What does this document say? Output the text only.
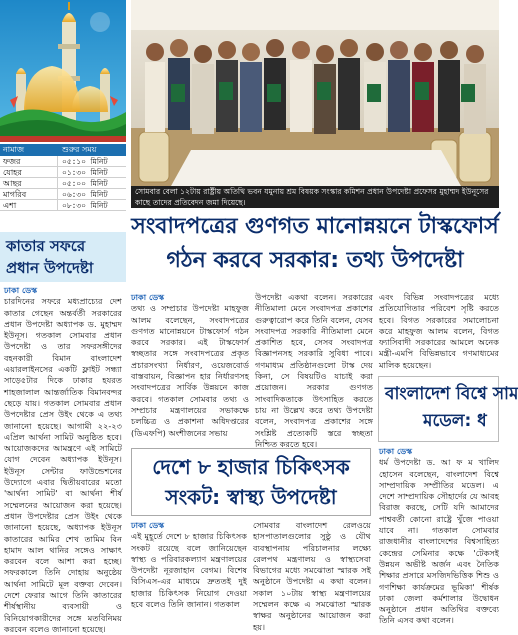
নামাজ	শুরুর সময়
ফজর	০৫:১০ মিনিট
যোহর	০১:৩০ মিনিট
আছর	০৫:০০ মিনিট
মাগরিব	০৬:৩০ মিনিট
এশা	০৮:৩০ মিনিট
কাতার সফরে প্রধান উপদেষ্টা
ঢাকা ডেস্ক
চারদিনের সফরে মধ্যপ্রাচ্যের দেশ কাতার গেছেন অন্তর্বর্তী সরকারের প্রধান উপদেষ্টা অধ্যাপক ড. মুহাম্মদ ইউনূস। গতকাল সোমবার প্রধান উপদেষ্টা ও তার সফরসঙ্গীদের বহনকারী বিমান বাংলাদেশ এয়ারলাইনসের একটি ফ্লাইট সন্ধ্যা সাড়ে৫টার দিকে ঢাকার হযরত শাহজালাল আন্তর্জাতিক বিমানবন্দর ছেড়ে যায়। গতকাল সোমবার প্রধান উপদেষ্টার প্রেস উইং থেকে এ তথ্য জানানো হয়েছে। আগামী ২২-২৩ এপ্রিল আর্থনা সামিট অনুষ্ঠিত হবে। আয়োজকদের আমন্ত্রণে এই সামিটে যোগ দেবেন অধ্যাপক ইউনূস। ইউনূস সেন্টার ফাউন্ডেশনের উদ্যোগে এবার দ্বিতীয়বারের মতো 'আর্থনা সামিট' বা আর্থনা শীর্ষ সম্মেলনের আয়োজন করা হয়েছে। প্রধান উপদেষ্টার প্রেস উইং থেকে জানানো হয়েছে, অধ্যাপক ইউনূস কাতারের আমির শেখ তামিম বিন হামাদ আল থানির সঙ্গেও সাক্ষাৎ করবেন বলে আশা করা হচ্ছে। সফরকালে তিনি দোহায় অনুষ্ঠেয় আর্থনা সামিটে মূল বক্তব্য দেবেন। দেশে ফেরার আগে তিনি কাতারের শীর্ষস্থানীয় ব্যবসায়ী ও বিনিয়োগকারীদের সঙ্গে মতবিনিময় করবেন বলেও জানানো হয়েছে।
সোমবার বেলা ১২টায় রাষ্ট্রীয় অতিথি ভবন যমুনায় শ্রম বিষয়ক সংস্কার কমিশন প্রধান উপদেষ্টা প্রফেসর মুহাম্মদ ইউনূসের কাছে তাদের প্রতিবেদন জমা দিয়েছে।
সংবাদপত্রের গুণগত মানোন্নয়নে টাস্কফোর্স
গঠন করবে সরকার: তথ্য উপদেষ্টা
ঢাকা ডেস্ক
তথ্য ও সম্প্রচার উপদেষ্টা মাহফুজ আলম বলেছেন, সংবাদপত্রের গুণগত মানোন্নয়নে টাস্কফোর্স গঠন করবে সরকার। এই টাস্কফোর্স স্বচ্ছতার সঙ্গে সংবাদপত্রের প্রকৃত প্রচারসংখ্যা নির্ধারণ, ওয়েজবোর্ড বাস্তবায়ন, বিজ্ঞাপন হার নির্ধারণসহ সংবাদপত্রের সার্বিক উন্নয়নে কাজ করবে। গতকাল সোমবার তথ্য ও সম্প্রচার মন্ত্রণালয়ের সভাকক্ষে চলচ্চিত্র ও প্রকাশনা অধিদপ্তরের (ডিএফপি) অংশীজনের সভায়
উপদেষ্টা একথা বলেন। সরকারের নীতিমালা মেনে সংবাদপত্র প্রকাশের গুরুত্বারোপ করে তিনি বলেন, যেসব সংবাদপত্র সরকারি নীতিমালা মেনে প্রকাশিত হবে, সেসব সংবাদপত্র বিজ্ঞাপনসহ সরকারি সুবিধা পাবে। গণমাধ্যম প্রতিষ্ঠানগুলো টাস্ক দেয় কিনা, সে বিষয়টিও যাচাই করা প্রয়োজন। সরকার গুণগত সাংবাদিকতাকে উৎসাহিত করতে চায় না উল্লেখ করে তথ্য উপদেষ্টা বলেন, সংবাদপত্র প্রকাশের সঙ্গে সংশ্লিষ্ট প্রত্যেকটি স্তরে স্বচ্ছতা নিশ্চিত করতে হবে।
এবং বিভিন্ন সংবাদপত্রের মধ্যে প্রতিযোগিতার পরিবেশ সৃষ্টি করতে হবে। বিগত সরকারের সমালোচনা করে মাহফুজ আলম বলেন, বিগত ফ্যাসিবাদী সরকারের আমলে অনেক মন্ত্রী-এমপি বিভিন্নভাবে গণমাধ্যমের মালিক হয়েছেন।
বাংলাদেশ বিশ্বে সাম
মডেল: ধ
ঢাকা ডেস্ক
ধর্ম উপদেষ্টা ড. আ ফ ম খালিদ হোসেন বলেছেন, বাংলাদেশ বিশ্বে সাম্প্রদায়িক সম্প্রীতির মডেল। এ দেশে সাম্প্রদায়িক সৌহার্দের যে আবহ বিরাজ করছে, সেটি যদি আমাদের পাশ্ববর্তী কোনো রাষ্ট্রে খুঁজে পাওয়া যাবে না। গতকাল সোমবার রাজধানীর বাংলাদেশের বিশ্বসাহিত্য কেন্দ্রের সেমিনার কক্ষে 'টেকসই উন্নয়ন অভীষ্ট অর্জন এবং নৈতিক শিক্ষার প্রসারে মসজিদভিত্তিক শিশু ও গণশিক্ষা কার্যক্রমের ভূমিকা' শীর্ষক ঢাকা জেলা কর্মশালার উদ্বোধন অনুষ্ঠানে প্রধান অতিথির বক্তব্যে তিনি এসব কথা বলেন।
দেশে ৮ হাজার চিকিৎসক
সংকট: স্বাস্থ্য উপদেষ্টা
ঢাকা ডেস্ক
এই মুহূর্তে দেশে ৮ হাজার চিকিৎসক সংকট রয়েছে বলে জানিয়েছেন স্বাস্থ্য ও পরিবারকল্যাণ মন্ত্রণালয়ের উপদেষ্টা নূরজাহান বেগম। বিশেষ বিসিএস-এর মাধ্যমে দ্রুততই দুই হাজার চিকিৎসক নিয়োগ দেওয়া হবে বলেও তিনি জানান। গতকাল
সোমবার বাংলাদেশ রেলওয়ে হাসপাতালগুলোর সুষ্ঠু ও যৌথ ব্যবস্থাপনায় পরিচালনার লক্ষ্যে রেলপথ মন্ত্রণালয় ও স্বাস্থ্যসেবা বিভাগের মধ্যে সমঝোতা স্মারক সই অনুষ্ঠানে উপদেষ্টা এ কথা বলেন। সকাল ১০টায় স্বাস্থ্য মন্ত্রণালয়ের সম্মেলন কক্ষে এ সমঝোতা স্মারক স্বাক্ষর অনুষ্ঠানের আয়োজন করা হয়।
